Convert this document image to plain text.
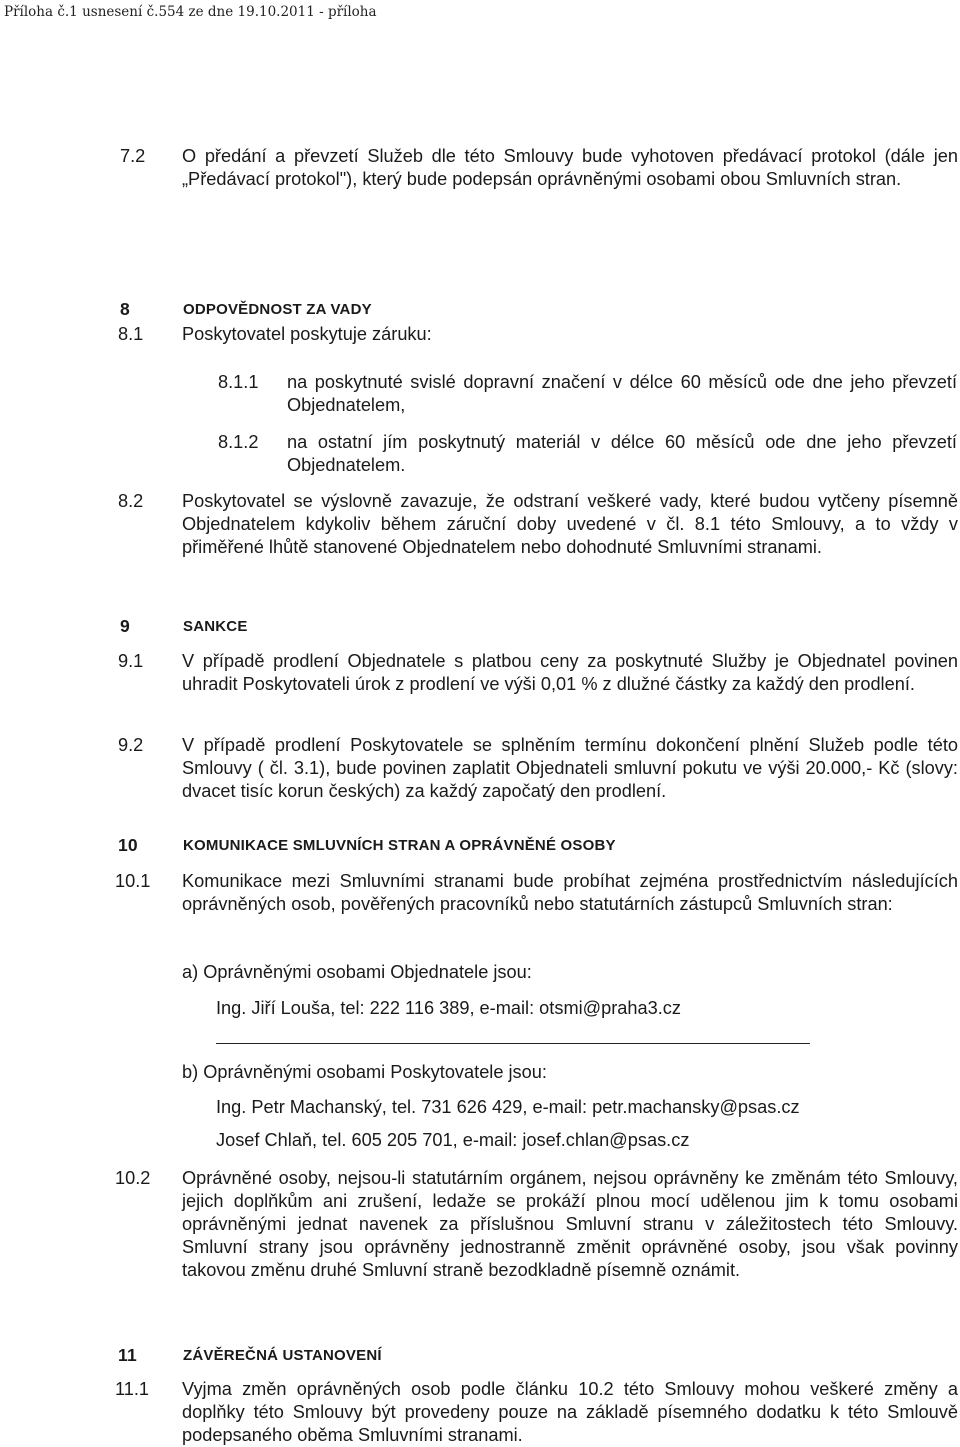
Příloha č.1 usnesení č.554 ze dne 19.10.2011 - příloha
7.2 O předání a převzetí Služeb dle této Smlouvy bude vyhotoven předávací protokol (dále jen „Předávací protokol"), který bude podepsán oprávněnými osobami obou Smluvních stran.
8	ODPOVĚDNOST ZA VADY
8.1 Poskytovatel poskytuje záruku:
8.1.1 na poskytnuté svislé dopravní značení v délce 60 měsíců ode dne jeho převzetí Objednatelem,
8.1.2 na ostatní jím poskytnutý materiál v délce 60 měsíců ode dne jeho převzetí Objednatelem.
8.2 Poskytovatel se výslovně zavazuje, že odstraní veškeré vady, které budou vytčeny písemně Objednatelem kdykoliv během záruční doby uvedené v čl. 8.1 této Smlouvy, a to vždy v přiměřené lhůtě stanovené Objednatelem nebo dohodnuté Smluvními stranami.
9	SANKCE
9.1 V případě prodlení Objednatele s platbou ceny za poskytnuté Služby je Objednatel povinen uhradit Poskytovateli úrok z prodlení ve výši 0,01 % z dlužné částky za každý den prodlení.
9.2 V případě prodlení Poskytovatele se splněním termínu dokončení plnění Služeb podle této Smlouvy ( čl. 3.1), bude povinen zaplatit Objednateli smluvní pokutu ve výši 20.000,- Kč (slovy: dvacet tisíc korun českých) za každý započatý den prodlení.
10	KOMUNIKACE SMLUVNÍCH STRAN A OPRÁVNĚNÉ OSOBY
10.1 Komunikace mezi Smluvními stranami bude probíhat zejména prostřednictvím následujících oprávněných osob, pověřených pracovníků nebo statutárních zástupců Smluvních stran:
a) Oprávněnými osobami Objednatele jsou:
Ing. Jiří Louša, tel: 222 116 389, e-mail: otsmi@praha3.cz
b) Oprávněnými osobami Poskytovatele jsou:
Ing. Petr Machanský, tel. 731 626 429, e-mail: petr.machansky@psas.cz
Josef Chlaň, tel. 605 205 701, e-mail: josef.chlan@psas.cz
10.2 Oprávněné osoby, nejsou-li statutárním orgánem, nejsou oprávněny ke změnám této Smlouvy, jejich doplňkům ani zrušení, ledaže se prokáží plnou mocí udělenou jim k tomu osobami oprávněnými jednat navenek za příslušnou Smluvní stranu v záležitostech této Smlouvy. Smluvní strany jsou oprávněny jednostranně změnit oprávněné osoby, jsou však povinny takovou změnu druhé Smluvní straně bezodkladně písemně oznámit.
11	ZÁVĚREČNÁ USTANOVENÍ
11.1 Vyjma změn oprávněných osob podle článku 10.2 této Smlouvy mohou veškeré změny a doplňky této Smlouvy být provedeny pouze na základě písemného dodatku k této Smlouvě podepsaného oběma Smluvními stranami.
